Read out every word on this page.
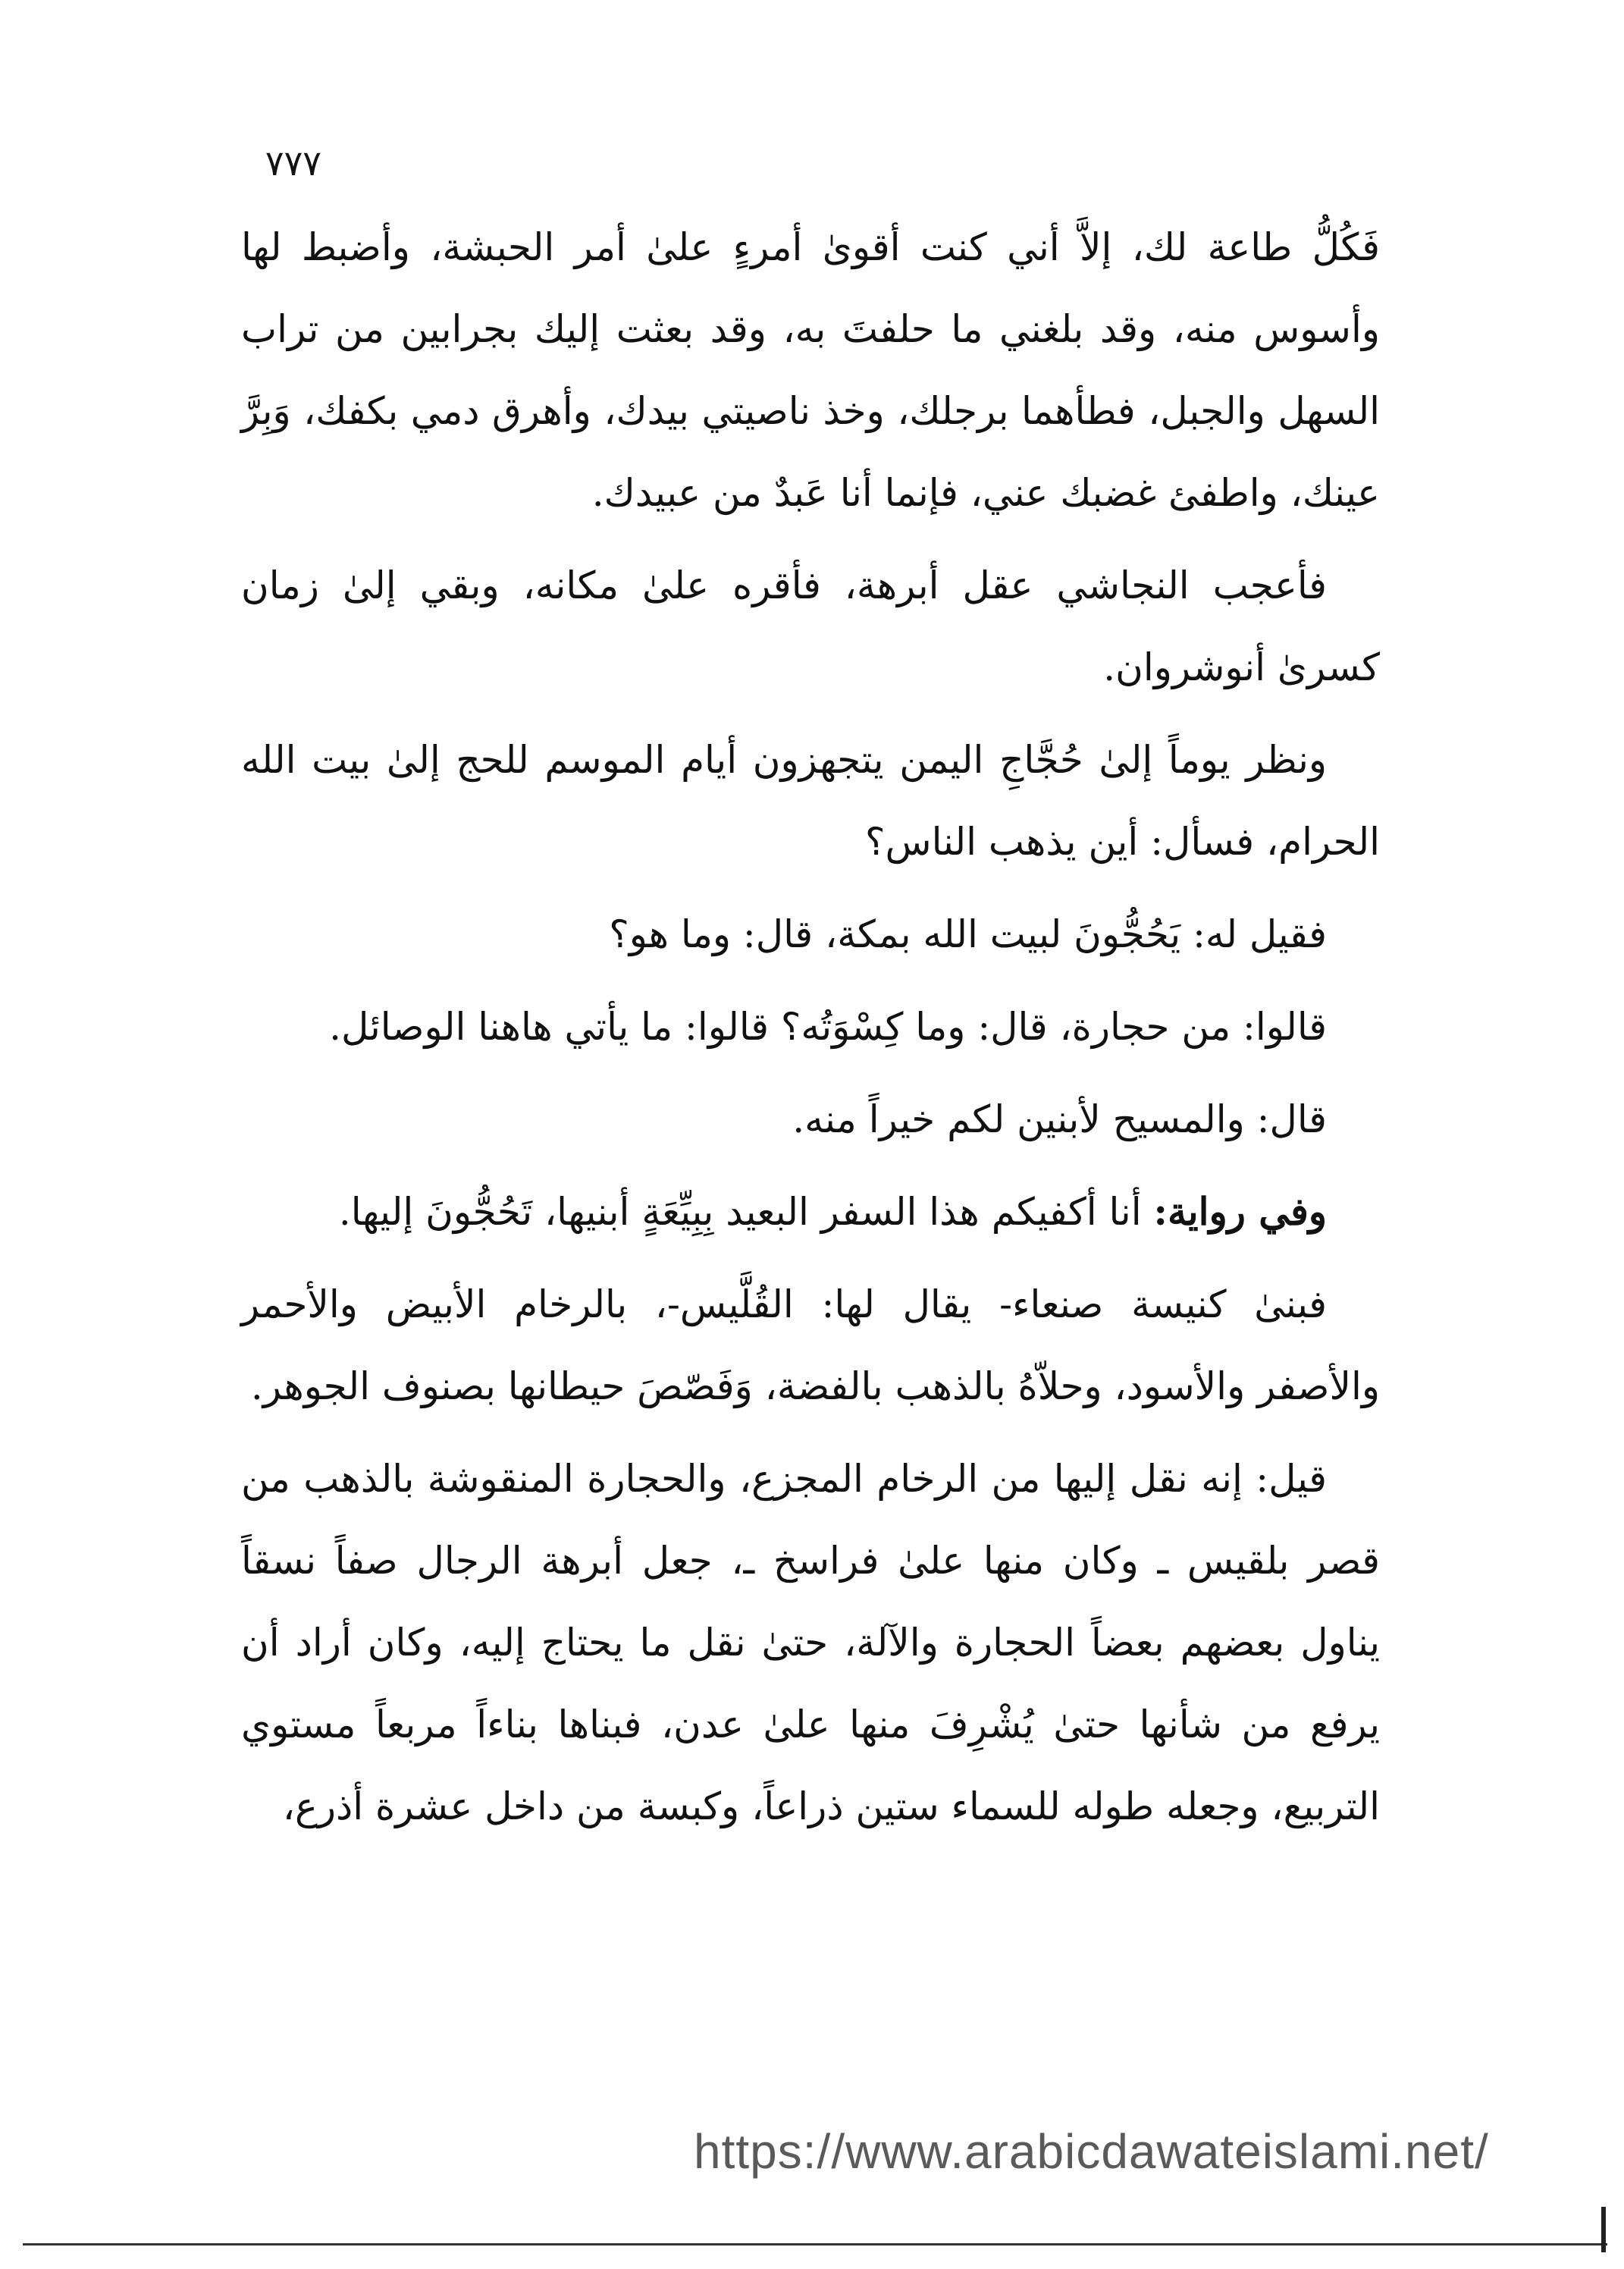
٧٧٧

فَكُلُّ طاعة لك، إلاَّ أني كنت أقوىٰ أمرءٍ علىٰ أمر الحبشة، وأضبط لها وأسوس منه، وقد بلغني ما حلفتَ به، وقد بعثت إليك بجرابين من تراب السهل والجبل، فطأهما برجلك، وخذ ناصيتي بيدك، وأهرق دمي بكفك، وَبِرَّ عينك، واطفئ غضبك عني، فإنما أنا عَبدٌ من عبيدك.

فأعجب النجاشي عقل أبرهة، فأقره علىٰ مكانه، وبقي إلىٰ زمان كسرىٰ أنوشروان.

ونظر يوماً إلىٰ حُجَّاجِ اليمن يتجهزون أيام الموسم للحج إلىٰ بيت الله الحرام، فسأل: أين يذهب الناس؟

فقيل له: يَحُجُّونَ لبيت الله بمكة، قال: وما هو؟

قالوا: من حجارة، قال: وما كِسْوَتُه؟ قالوا: ما يأتي هاهنا الوصائل.

قال: والمسيح لأبنين لكم خيراً منه.

وفي رواية: أنا أكفيكم هذا السفر البعيد بِبِيِّعَةٍ أبنيها، تَحُجُّونَ إليها.

فبنىٰ كنيسة صنعاء- يقال لها: القُلَّيس-، بالرخام الأبيض والأحمر والأصفر والأسود، وحلاّهُ بالذهب بالفضة، وَفَصّصَ حيطانها بصنوف الجوهر.

قيل: إنه نقل إليها من الرخام المجزع، والحجارة المنقوشة بالذهب من قصر بلقيس ـ وكان منها علىٰ فراسخ ـ، جعل أبرهة الرجال صفاً نسقاً يناول بعضهم بعضاً الحجارة والآلة، حتىٰ نقل ما يحتاج إليه، وكان أراد أن يرفع من شأنها حتىٰ يُشْرِفَ منها علىٰ عدن، فبناها بناءاً مربعاً مستوي التربيع، وجعله طوله للسماء ستين ذراعاً، وكبسة من داخل عشرة أذرع،

https://www.arabicdawateislami.net/
